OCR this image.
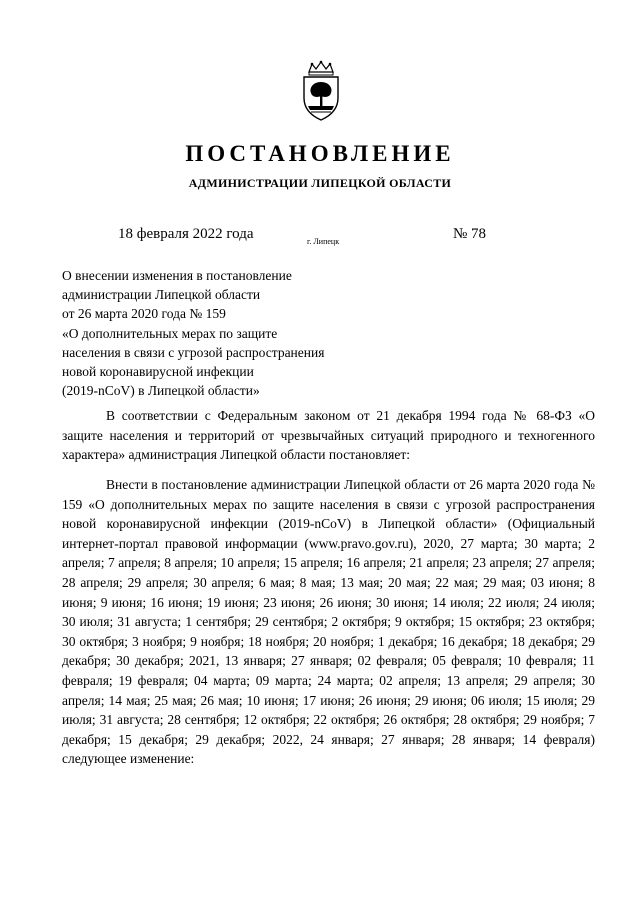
ПОСТАНОВЛЕНИЕ
АДМИНИСТРАЦИИ ЛИПЕЦКОЙ ОБЛАСТИ
18 февраля 2022 года	г. Липецк	№ 78
О внесении изменения в постановление
администрации Липецкой области
от 26 марта 2020 года № 159
«О дополнительных мерах по защите
населения в связи с угрозой распространения
новой коронавирусной инфекции
(2019-nCoV) в Липецкой области»

В соответствии с Федеральным законом от 21 декабря 1994 года № 68-ФЗ «О защите населения и территорий от чрезвычайных ситуаций природного и техногенного характера» администрация Липецкой области постановляет:

Внести в постановление администрации Липецкой области от 26 марта 2020 года № 159 «О дополнительных мерах по защите населения в связи с угрозой распространения новой коронавирусной инфекции (2019-nCoV) в Липецкой области» (Официальный интернет-портал правовой информации (www.pravo.gov.ru), 2020, 27 марта; 30 марта; 2 апреля; 7 апреля; 8 апреля; 10 апреля; 15 апреля; 16 апреля; 21 апреля; 23 апреля; 27 апреля; 28 апреля; 29 апреля; 30 апреля; 6 мая; 8 мая; 13 мая; 20 мая; 22 мая; 29 мая; 03 июня; 8 июня; 9 июня; 16 июня; 19 июня; 23 июня; 26 июня; 30 июня; 14 июля; 22 июля; 24 июля; 30 июля; 31 августа; 1 сентября; 29 сентября; 2 октября; 9 октября; 15 октября; 23 октября; 30 октября; 3 ноября; 9 ноября; 18 ноября; 20 ноября; 1 декабря; 16 декабря; 18 декабря; 29 декабря; 30 декабря; 2021, 13 января; 27 января; 02 февраля; 05 февраля; 10 февраля; 11 февраля; 19 февраля; 04 марта; 09 марта; 24 марта; 02 апреля; 13 апреля; 29 апреля; 30 апреля; 14 мая; 25 мая; 26 мая; 10 июня; 17 июня; 26 июня; 29 июня; 06 июля; 15 июля; 29 июля; 31 августа; 28 сентября; 12 октября; 22 октября; 26 октября; 28 октября; 29 ноября; 7 декабря; 15 декабря; 29 декабря; 2022, 24 января; 27 января; 28 января; 14 февраля) следующее изменение:
